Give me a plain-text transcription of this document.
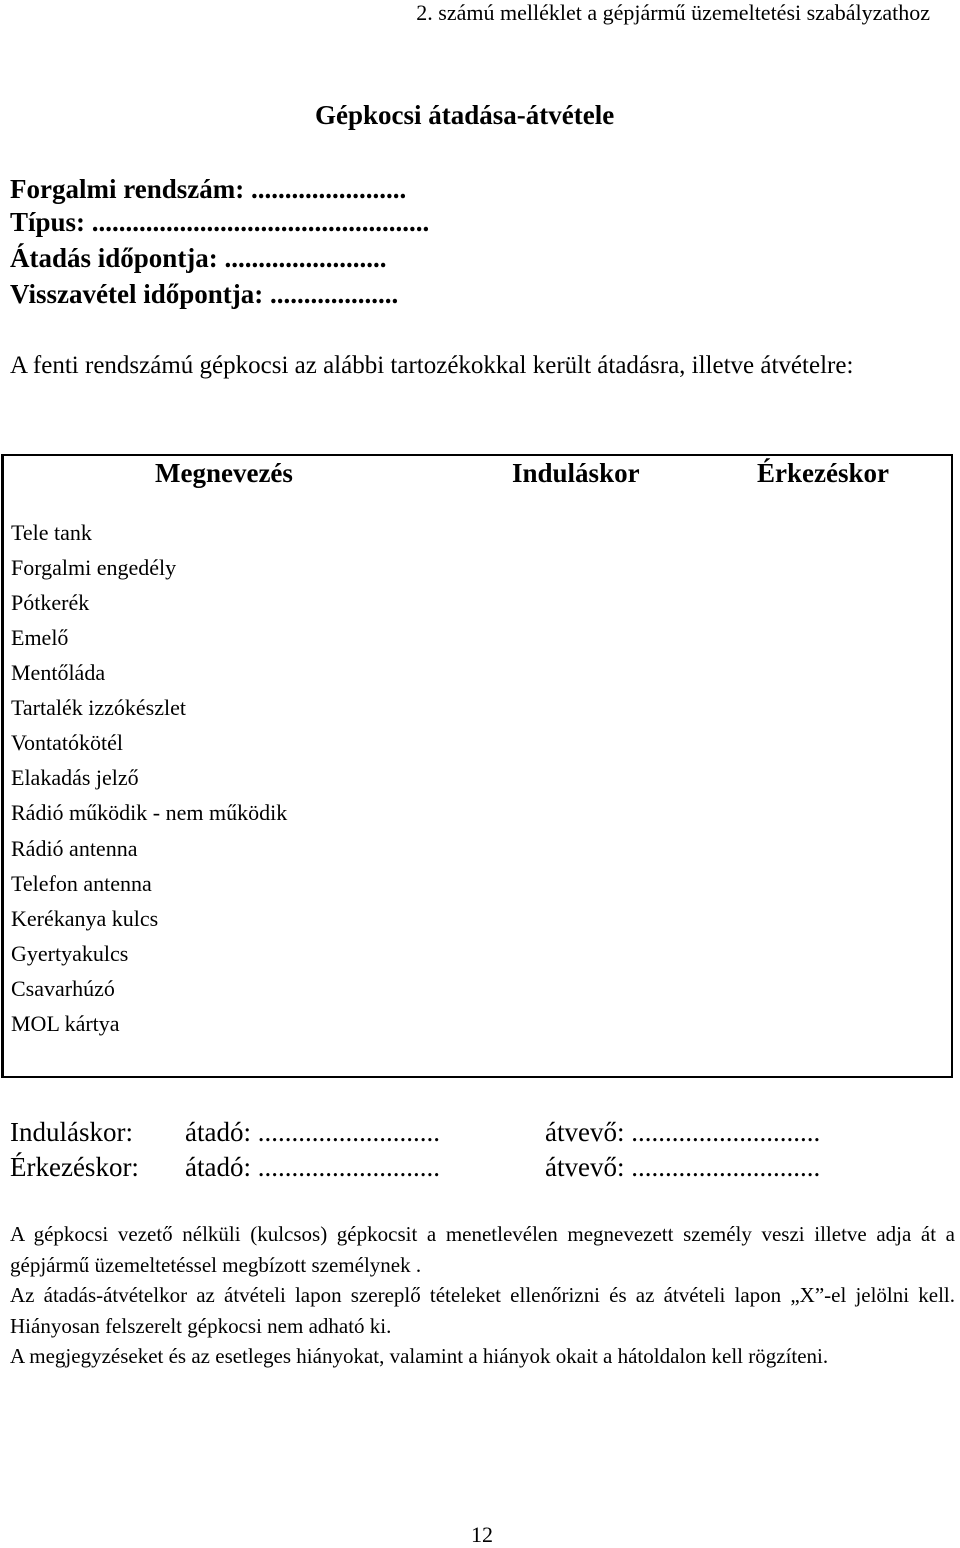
2. számú melléklet a gépjármű üzemeltetési szabályzathoz
Gépkocsi átadása-átvétele
Forgalmi rendszám: .......................
Típus: ..................................................
Átadás időpontja: ........................
Visszavétel időpontja: ...................
A fenti rendszámú gépkocsi az alábbi tartozékokkal került átadásra, illetve átvételre:
Megnevezés	Induláskor	Érkezéskor
Tele tank
Forgalmi engedély
Pótkerék
Emelő
Mentőláda
Tartalék izzókészlet
Vontatókötél
Elakadás jelző
Rádió működik - nem működik
Rádió antenna
Telefon antenna
Kerékanya kulcs
Gyertyakulcs
Csavarhúzó
MOL kártya
Induláskor: átadó: ...........................	átvevő: ............................
Érkezéskor: átadó: ...........................	átvevő: ............................
A gépkocsi vezető nélküli (kulcsos) gépkocsit a menetlevélen megnevezett személy veszi illetve adja át a gépjármű üzemeltetéssel megbízott személynek .
Az átadás-átvételkor az átvételi lapon szereplő tételeket ellenőrizni és az átvételi lapon „X”-el jelölni kell. Hiányosan felszerelt gépkocsi nem adható ki.
A megjegyzéseket és az esetleges hiányokat, valamint a hiányok okait a hátoldalon kell rögzíteni.
12
